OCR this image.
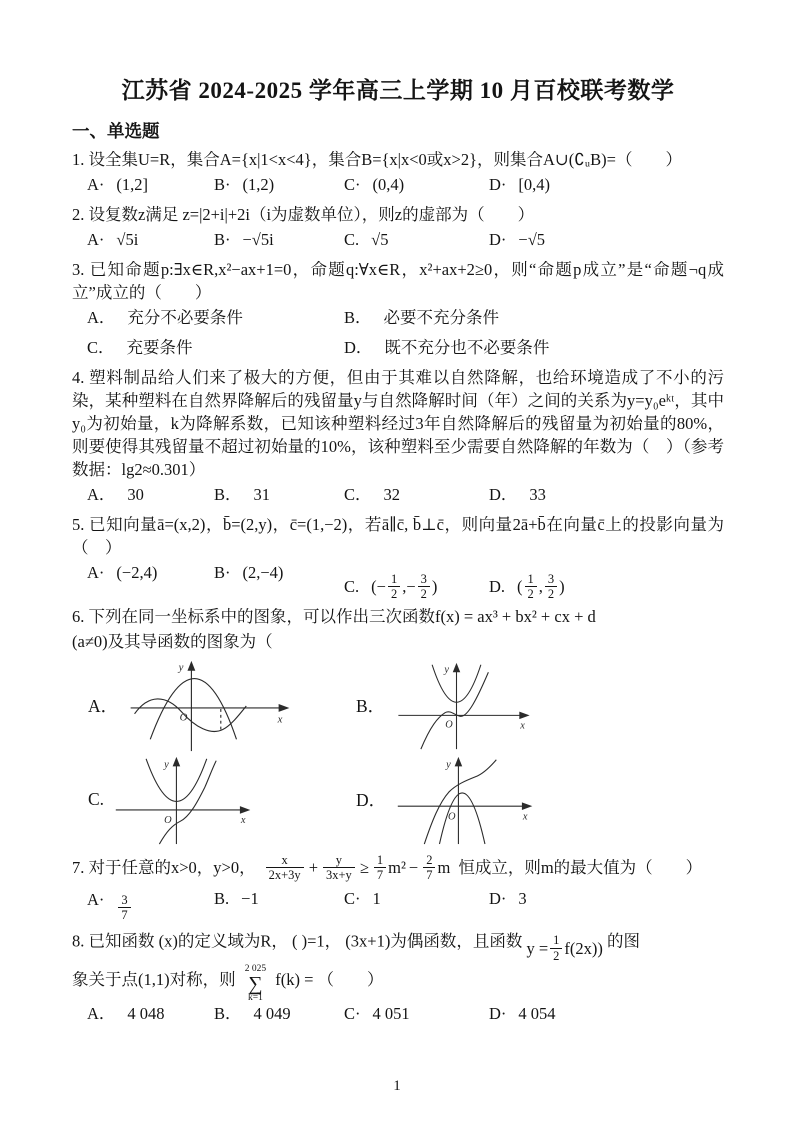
江苏省 2024-2025 学年高三上学期 10 月百校联考数学
一、单选题

1. 设全集U=R，集合A={x|1<x<4}，集合B={x|x<0或x>2}，则集合A∪(∁ᵤB)=（　　）

A· (1,2]	B· (1,2)	C· (0,4)	D· [0,4)

2. 设复数z满足 z=|2+i|+2i（i为虚数单位），则z的虚部为（　　）

A· √5i	B· −√5i	C. √5	D· −√5

3. 已知命题p:∃x∈R,x²−ax+1=0，命题q:∀x∈R，x²+ax+2≥0，则“命题p成立”是“命题¬q成立”成立的（　　）

A． 充分不必要条件	B． 必要不充分条件
C． 充要条件	D． 既不充分也不必要条件

4. 塑料制品给人们来了极大的方便，但由于其难以自然降解，也给环境造成了不小的污染，某种塑料在自然界降解后的残留量y与自然降解时间（年）之间的关系为y=y₀eᵏᵗ，其中y₀为初始量，k为降解系数，已知该种塑料经过3年自然降解后的残留量为初始量的80%，则要使得其残留量不超过初始量的10%，该种塑料至少需要自然降解的年数为（　）（参考数据：lg2≈0.301）

A． 30	B． 31	C． 32	D． 33

5. 已知向量ā=(x,2)，b̄=(2,y)，c̄=(1,−2)，若ā∥c̄, b̄⊥c̄，则向量2ā+b̄在向量c̄上的投影向量为（　）

A· (−2,4)	B· (2,−4)
C. (− $\frac{1}{2}$ ,− $\frac{3}{2}$ )	D. ( $\frac{1}{2}$ , $\frac{3}{2}$ )

6. 下列在同一坐标系中的图象，可以作出三次函数f(x) = ax³ + bx² + cx + d

(a≠0)及其导函数的图象为（

A．
y
x
O
B．
y
x
O
C.
y
x
O
D．
y
x
O
7. 对于任意的x>0，y>0， $\frac{x}{2x+3y} + \frac{y}{3x+y} \ge \frac{1}{7} m^2 - \frac{2}{7}$ m 恒成立，则m的最大值为（　　）
$A\cdot \frac{3}{7}$	B. −1	C· 1	D· 3

8. 已知函数 (x)的定义域为R， ( )=1， (3x+1)为偶函数，且函数 $y = \frac{1}{2} f(2x)$) 的图

象关于点(1,1)对称，则
2 025
∑
k=1
f(k) = （　　）

A． 4 048	B． 4 049	C· 4 051	D· 4 054
1
